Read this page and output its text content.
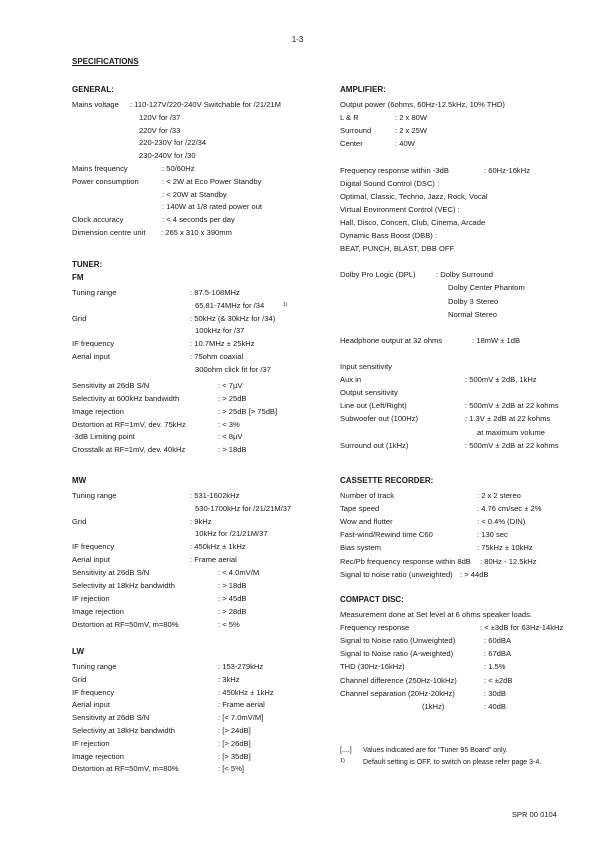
1-3
SPECIFICATIONS
GENERAL:
Mains voltage : 110-127V/220-240V Switchable for /21/21M
120V for /37
220V for /33
220-230V for /22/34
230-240V for /30
Mains frequency	: 50/60Hz
Power consumption	: < 2W at Eco Power Standby
: < 20W at Standby
: 140W at 1/8 rated power out
Clock accuracy	: < 4 seconds per day
Dimension centre unit : 265 x 310 x 390mm
TUNER:
FM
Tuning range	: 87.5-108MHz
65.81-74MHz for /34
Grid	: 50kHz (& 30kHz for /34)
100kHz for /37
IF frequency	: 10.7MHz ± 25kHz
Aerial input	: 75ohm coaxial
300ohm click fit for /37
1)
Sensitivity at 26dB S/N	: < 7µV
Selectivity at 600kHz bandwidth	: > 25dB
Image rejection	: > 25dB [> 75dB]
Distortion at RF=1mV, dev. 75kHz	: < 3%
-3dB Limiting point	: < 8µV
Crosstalk at RF=1mV, dev. 40kHz	: > 18dB
MW
Tuning range	: 531-1602kHz
530-1700kHz for /21/21M/37
Grid	: 9kHz
10kHz for /21/21M/37
IF frequency	: 450kHz ± 1kHz
Aerial input	: Frame aerial
Sensitivity at 26dB S/N	: < 4.0mV/M
Selectivity at 18kHz bandwidth	: > 18dB
IF rejection	: > 45dB
Image rejection	: > 28dB
Distortion at RF=50mV, m=80%	: < 5%
LW
Tuning range	: 153-279kHz
Grid	: 3kHz
IF frequency	: 450kHz ± 1kHz
Aerial input	: Frame aerial
Sensitivity at 26dB S/N	: [< 7.0mV/M]
Selectivity at 18kHz bandwidth	: [> 24dB]
IF rejection	: [> 26dB]
Image rejection	: [> 35dB]
Distortion at RF=50mV, m=80%	: [< 5%]
AMPLIFIER:
Output power (6ohms, 60Hz-12.5kHz, 10% THD)
L & R	: 2 x 80W
Surround	: 2 x 25W
Center	: 40W
Frequency response within -3dB	: 60Hz-16kHz
Digital Sound Control (DSC) :
Optimal, Classic, Techno, Jazz, Rock, Vocal
Virtual Environment Control (VEC) :
Hall, Disco, Concert, Club, Cinema, Arcade
Dynamic Bass Boost (DBB) :
BEAT, PUNCH, BLAST, DBB OFF
Dolby Pro Logic (DPL)	: Dolby Surround
Dolby Center Phantom
Dolby 3 Stereo
Normal Stereo
Headphone output at 32 ohms	: 18mW ± 1dB
Input sensitivity
Aux in	: 500mV ± 2dB, 1kHz
Output sensitivity
Line out (Left/Right)	: 500mV ± 2dB at 22 kohms
Subwoofer out (100Hz)	: 1.3V ± 2dB at 22 kohms
at maximum volume
Surround out (1kHz)	: 500mV ± 2dB at 22 kohms
CASSETTE RECORDER:
Number of track	: 2 x 2 stereo
Tape speed	: 4.76 cm/sec ± 2%
Wow and flutter	: < 0.4% (DIN)
Fast-wind/Rewind time C60	: 130 sec
Bias system	: 75kHz ± 10kHz
Rec/Pb frequency response within 8dB : 80Hz - 12.5kHz
Signal to noise ratio (unweighted) : > 44dB
COMPACT DISC:
Measurement done at Set level at 6 ohms speaker loads.
Frequency response	: < ±3dB for 63Hz-14kHz
Signal to Noise ratio (Unweighted)	: 60dBA
Signal to Noise ratio (A-weighted)	: 67dBA
THD (30Hz-16kHz)	: 1.5%
Channel difference (250Hz-10kHz)	: < ±2dB
Channel separation (20Hz-20kHz)	: 30dB
(1kHz)	: 40dB
[....] Values indicated are for "Tuner 95 Board" only.
1)	Default setting is OFF, to switch on please refer page 3-4.
SPR 00 0104
